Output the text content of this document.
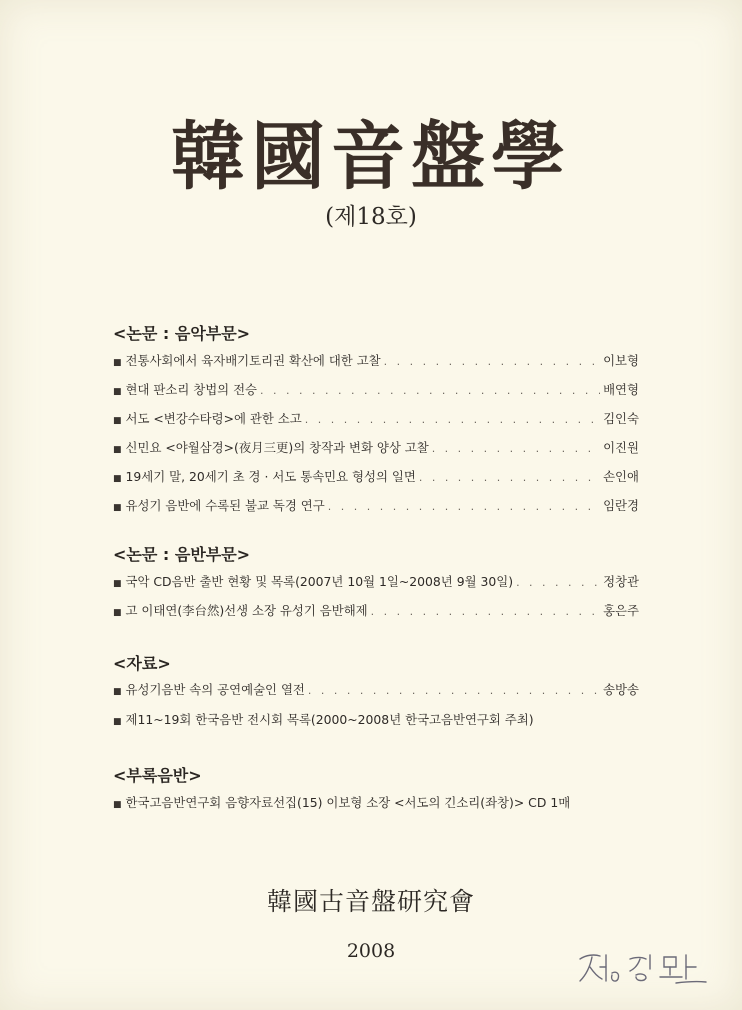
韓國音盤學
(제18호)
<논문 : 음악부문>
■ 전통사회에서 육자배기토리권 확산에 대한 고찰 . . .	이보형
■ 현대 판소리 창법의 전승 . . .	배연형
■ 서도 <변강수타령>에 관한 소고 . . .	김인숙
■ 신민요 <야월삼경>(夜月三更)의 창작과 변화 양상 고찰 . . .	이진원
■ 19세기 말, 20세기 초 경 · 서도 통속민요 형성의 일면 . . .	손인애
■ 유성기 음반에 수록된 불교 독경 연구 . . .	임란경
<논문 : 음반부문>
■ 국악 CD음반 출반 현황 및 목록(2007년 10월 1일~2008년 9월 30일) . . .	정창관
■ 고 이태연(李台然)선생 소장 유성기 음반해제 . . .	홍은주
<자료>
■ 유성기음반 속의 공연예술인 열전 . . .	송방송
■ 제11~19회 한국음반 전시회 목록(2000~2008년 한국고음반연구회 주최)
<부록음반>
■ 한국고음반연구회 음향자료선집(15) 이보형 소장 <서도의 긴소리(좌창)> CD 1매
韓國古音盤研究會
2008
